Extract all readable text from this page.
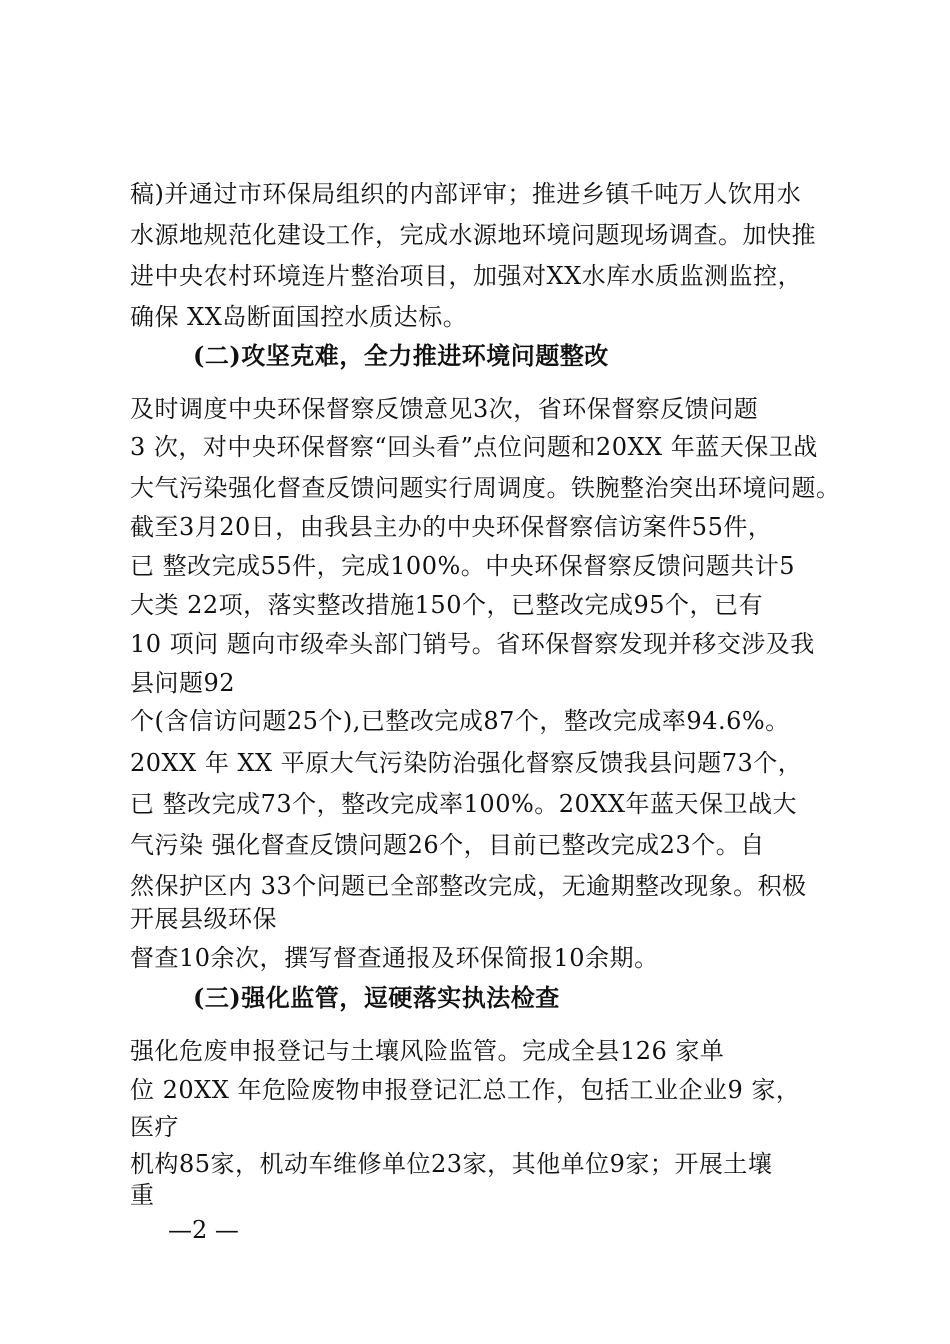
稿)并通过市环保局组织的内部评审；推进乡镇千吨万人饮用水
水源地规范化建设工作，完成水源地环境问题现场调查。加快推
进中央农村环境连片整治项目，加强对XX水库水质监测监控，
确保 XX岛断面国控水质达标。
(二)攻坚克难，全力推进环境问题整改
及时调度中央环保督察反馈意见3次，省环保督察反馈问题
3 次，对中央环保督察“回头看”点位问题和20XX 年蓝天保卫战
大气污染强化督查反馈问题实行周调度。铁腕整治突出环境问题。
截至3月20日，由我县主办的中央环保督察信访案件55件，
已 整改完成55件，完成100%。中央环保督察反馈问题共计5
大类 22项，落实整改措施150个，已整改完成95个，已有
10 项问 题向市级牵头部门销号。省环保督察发现并移交涉及我
县问题92
个(含信访问题25个),已整改完成87个，整改完成率94.6%。
20XX 年 XX 平原大气污染防治强化督察反馈我县问题73个，
已 整改完成73个，整改完成率100%。20XX年蓝天保卫战大
气污染 强化督查反馈问题26个，目前已整改完成23个。自
然保护区内 33个问题已全部整改完成，无逾期整改现象。积极
开展县级环保
督查10余次，撰写督查通报及环保简报10余期。
(三)强化监管，逗硬落实执法检查
强化危废申报登记与土壤风险监管。完成全县126 家单
位 20XX 年危险废物申报登记汇总工作，包括工业企业9 家，
医疗
机构85家，机动车维修单位23家，其他单位9家；开展土壤
重
—2 —
